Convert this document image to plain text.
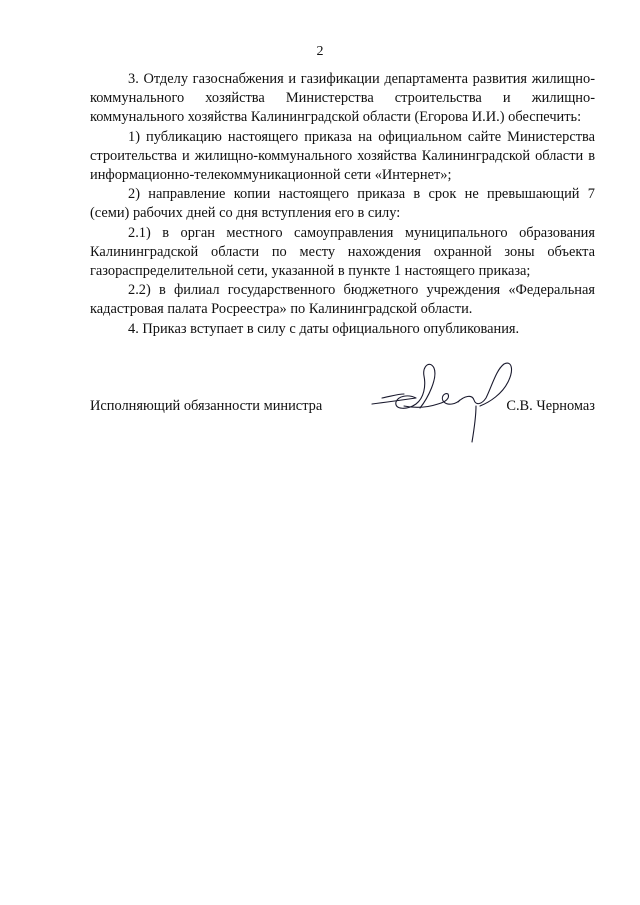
2

3. Отделу газоснабжения и газификации департамента развития жилищно-коммунального хозяйства Министерства строительства и жилищно-коммунального хозяйства Калининградской области (Егорова И.И.) обеспечить:

1) публикацию настоящего приказа на официальном сайте Министерства строительства и жилищно-коммунального хозяйства Калининградской области в информационно-телекоммуникационной сети «Интернет»;

2) направление копии настоящего приказа в срок не превышающий 7 (семи) рабочих дней со дня вступления его в силу:

2.1) в орган местного самоуправления муниципального образования Калининградской области по месту нахождения охранной зоны объекта газораспределительной сети, указанной в пункте 1 настоящего приказа;

2.2) в филиал государственного бюджетного учреждения «Федеральная кадастровая палата Росреестра» по Калининградской области.

4. Приказ вступает в силу с даты официального опубликования.

Исполняющий обязанности министра	С.В. Черномаз
